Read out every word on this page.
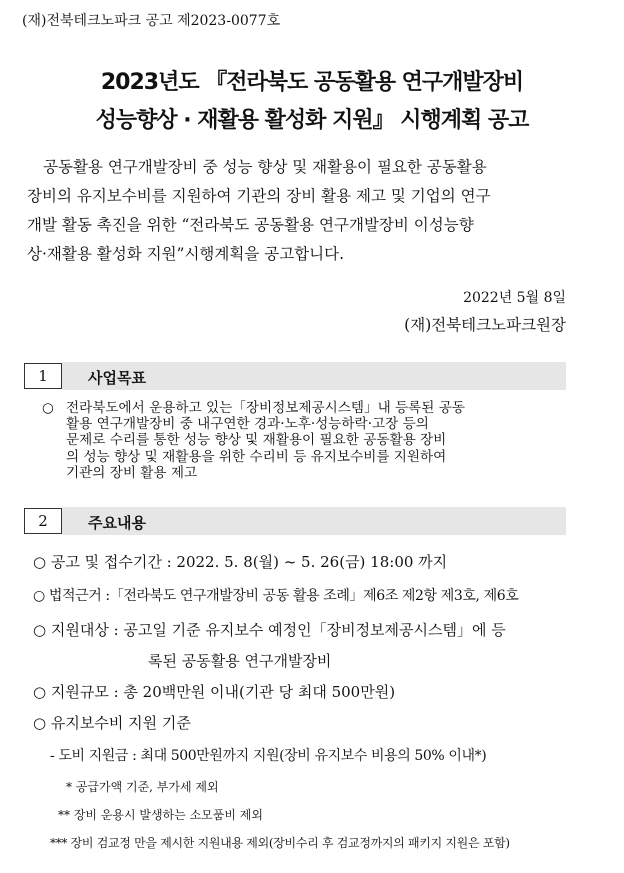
(재)전북테크노파크 공고 제2023-0077호
2023년도 『전라북도 공동활용 연구개발장비
성능향상 · 재활용 활성화 지원』 시행계획 공고
공동활용 연구개발장비 중 성능 향상 및 재활용이 필요한 공동활용
장비의 유지보수비를 지원하여 기관의 장비 활용 제고 및 기업의 연구
개발 활동 촉진을 위한 “전라북도 공동활용 연구개발장비 이성능향
상·재활용 활성화 지원”시행계획을 공고합니다.
2022년 5월 8일
(재)전북테크노파크원장
1	사업목표
○ 전라북도에서 운용하고 있는「장비정보제공시스템」내 등록된 공동
활용 연구개발장비 중 내구연한 경과·노후·성능하락·고장 등의
문제로 수리를 통한 성능 향상 및 재활용이 필요한 공동활용 장비
의 성능 향상 및 재활용을 위한 수리비 등 유지보수비를 지원하여
기관의 장비 활용 제고
2	주요내용
○ 공고 및 접수기간 : 2022. 5. 8(월) ~ 5. 26(금) 18:00 까지
○ 법적근거 :「전라북도 연구개발장비 공동 활용 조례」제6조 제2항 제3호, 제6호
○ 지원대상 : 공고일 기준 유지보수 예정인「장비정보제공시스템」에 등
록된 공동활용 연구개발장비
○ 지원규모 : 총 20백만원 이내(기관 당 최대 500만원)
○ 유지보수비 지원 기준
- 도비 지원금 : 최대 500만원까지 지원(장비 유지보수 비용의 50% 이내*)
* 공급가액 기준, 부가세 제외
** 장비 운용시 발생하는 소모품비 제외
*** 장비 검교정 만을 제시한 지원내용 제외(장비수리 후 검교정까지의 패키지 지원은 포함)
